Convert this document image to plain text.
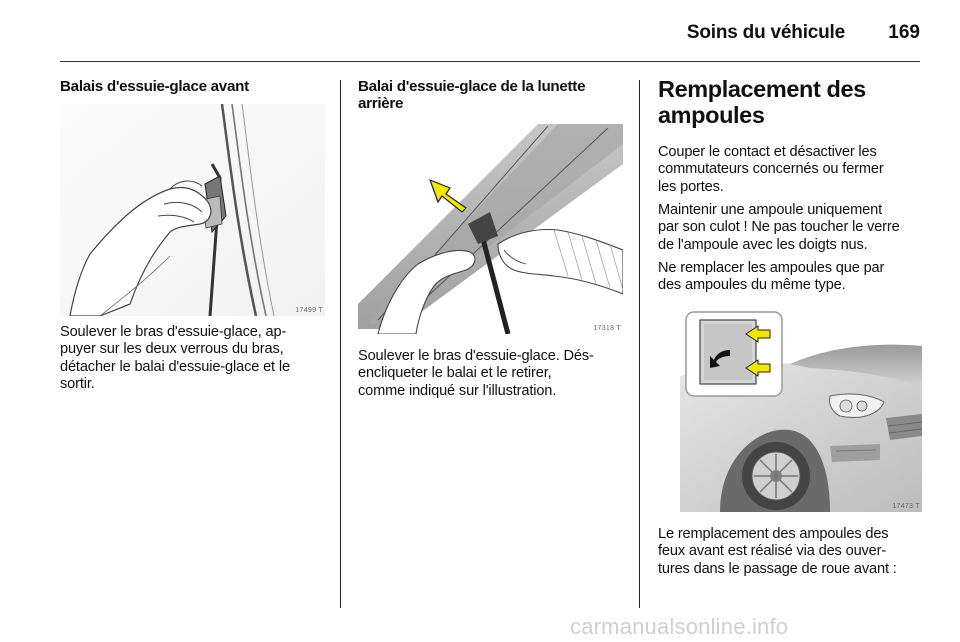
Soins du véhicule	169
Balais d'essuie-glace avant
17499 T
Soulever le bras d'essuie-glace, ap-
puyer sur les deux verrous du bras,
détacher le balai d'essuie-glace et le
sortir.
Balai d'essuie-glace de la lunette
arrière
17318 T
Soulever le bras d'essuie-glace. Dés-
encliqueter le balai et le retirer,
comme indiqué sur l'illustration.
Remplacement des
ampoules
Couper le contact et désactiver les
commutateurs concernés ou fermer
les portes.
Maintenir une ampoule uniquement
par son culot ! Ne pas toucher le verre
de l'ampoule avec les doigts nus.
Ne remplacer les ampoules que par
des ampoules du même type.
17473 T
Le remplacement des ampoules des
feux avant est réalisé via des ouver-
tures dans le passage de roue avant :
carmanualsonline.info
